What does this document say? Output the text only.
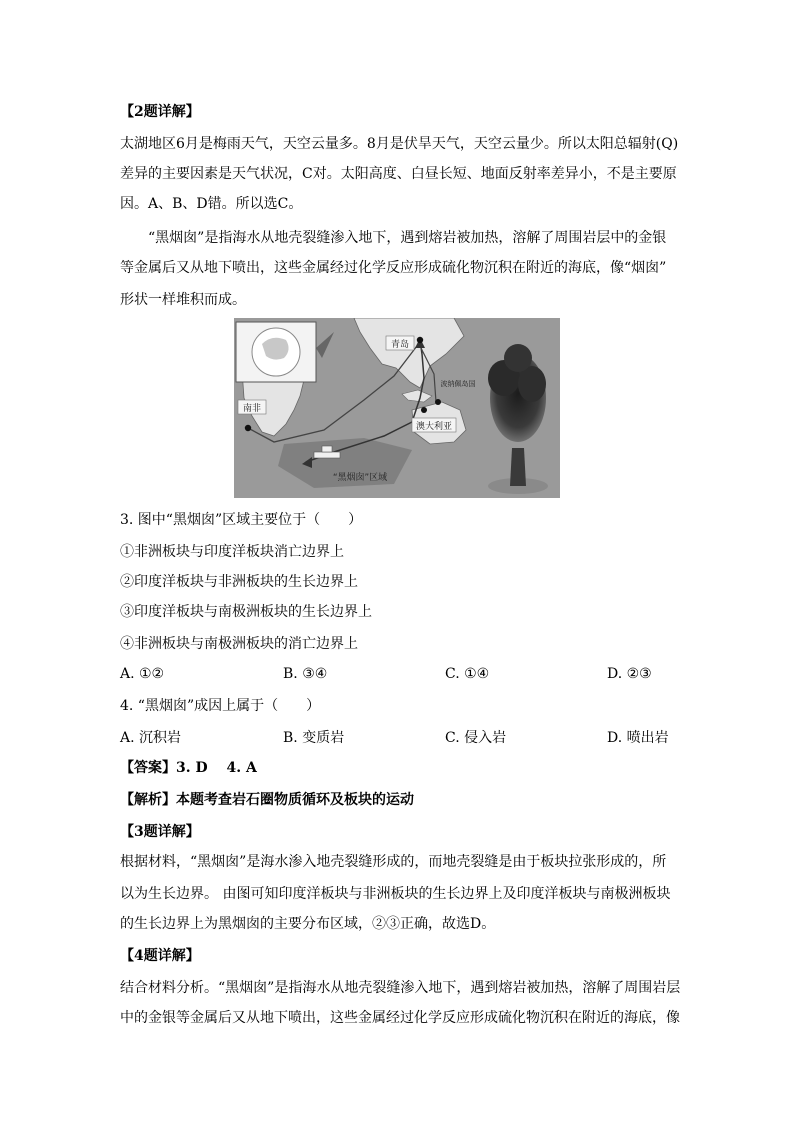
【2题详解】
太湖地区6月是梅雨天气，天空云量多。8月是伏旱天气，天空云量少。所以太阳总辐射(Q)
差异的主要因素是天气状况，C对。太阳高度、白昼长短、地面反射率差异小，不是主要原
因。A、B、D错。所以选C。
“黑烟囱”是指海水从地壳裂缝渗入地下，遇到熔岩被加热，溶解了周围岩层中的金银
等金属后又从地下喷出，这些金属经过化学反应形成硫化物沉积在附近的海底，像“烟囱”
形状一样堆积而成。
青岛
南非
澳大利亚
波纳佩岛国
“黑烟囱”区域
3. 图中“黑烟囱”区域主要位于（　　）
①非洲板块与印度洋板块消亡边界上
②印度洋板块与非洲板块的生长边界上
③印度洋板块与南极洲板块的生长边界上
④非洲板块与南极洲板块的消亡边界上
A. ①②	B. ③④	C. ①④	D. ②③
4. “黑烟囱”成因上属于（　　）
A. 沉积岩	B. 变质岩	C. 侵入岩	D. 喷出岩
【答案】3. D　 4. A
【解析】本题考查岩石圈物质循环及板块的运动
【3题详解】
根据材料，“黑烟囱”是海水渗入地壳裂缝形成的，而地壳裂缝是由于板块拉张形成的，所
以为生长边界。 由图可知印度洋板块与非洲板块的生长边界上及印度洋板块与南极洲板块
的生长边界上为黑烟囱的主要分布区域，②③正确，故选D。
【4题详解】
结合材料分析。“黑烟囱”是指海水从地壳裂缝渗入地下，遇到熔岩被加热，溶解了周围岩层
中的金银等金属后又从地下喷出，这些金属经过化学反应形成硫化物沉积在附近的海底，像
